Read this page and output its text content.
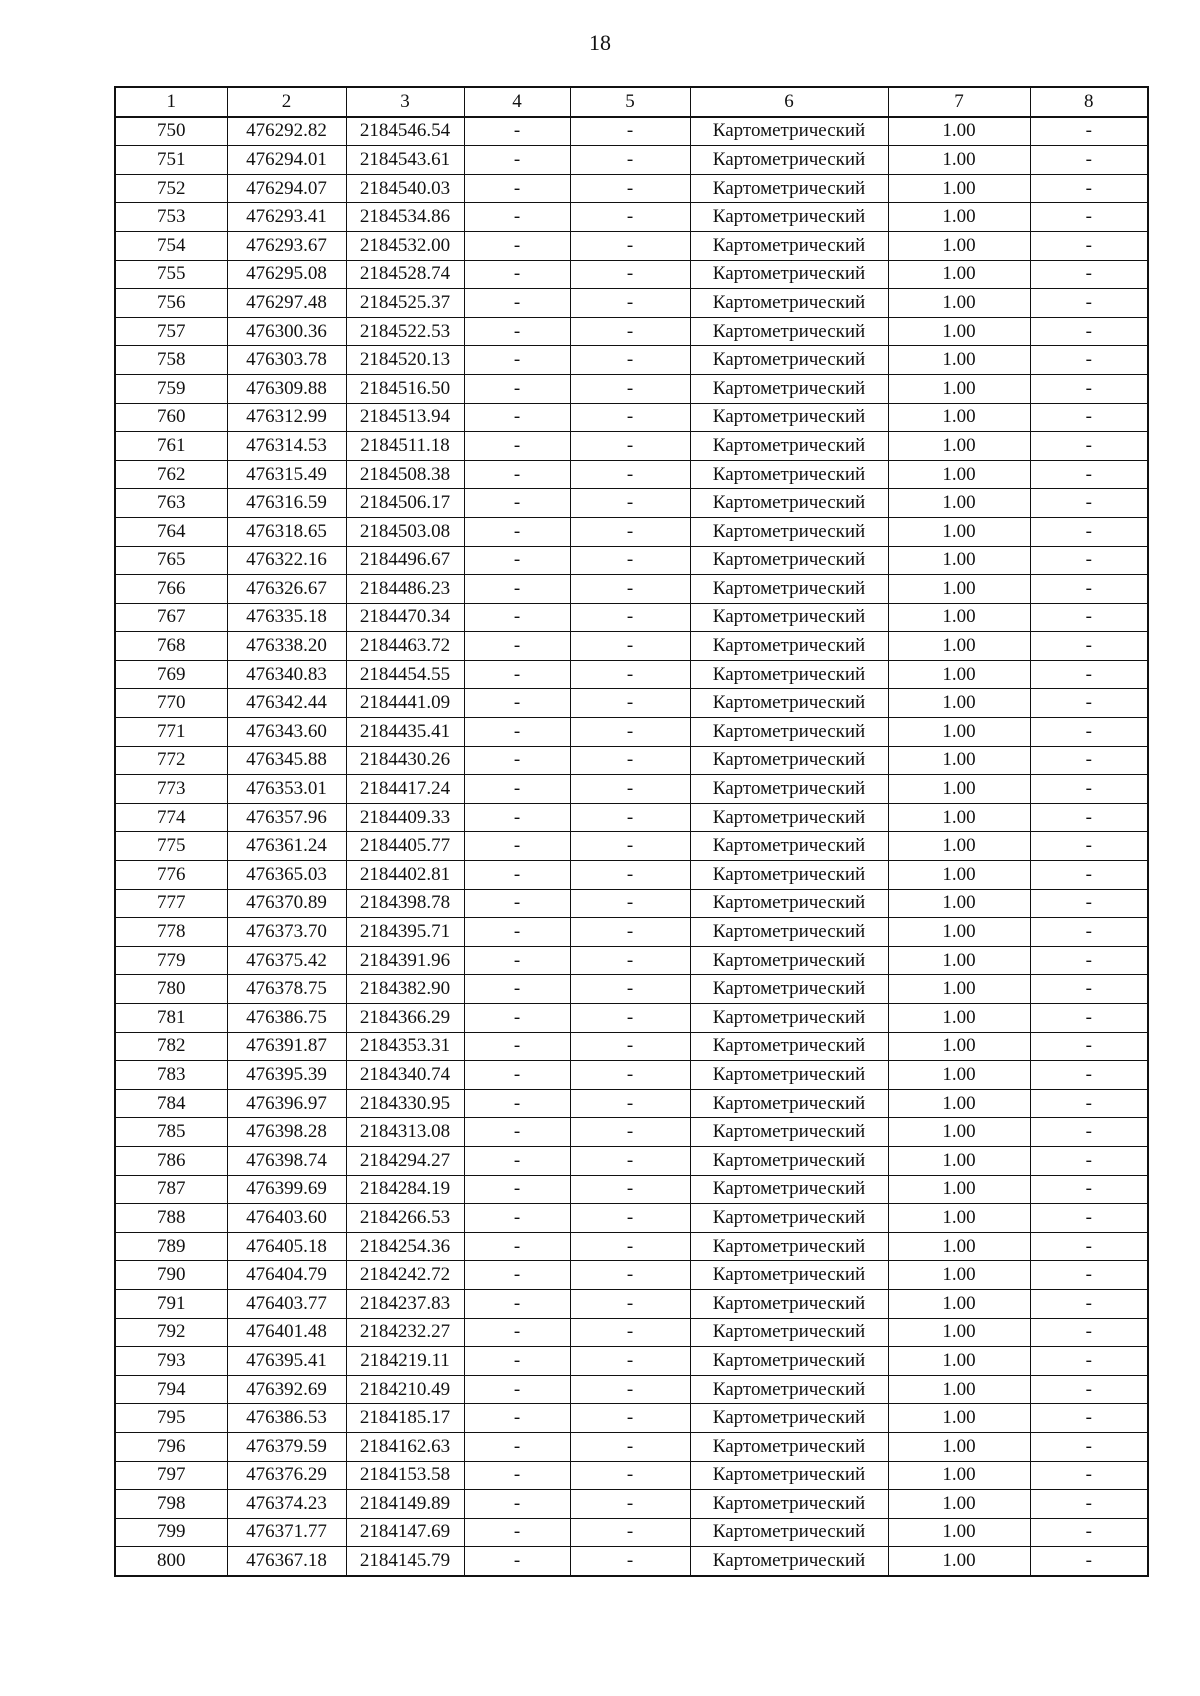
18
1	2	3	4	5	6	7	8
750	476292.82	2184546.54	-	-	Картометрический	1.00	-
751	476294.01	2184543.61	-	-	Картометрический	1.00	-
752	476294.07	2184540.03	-	-	Картометрический	1.00	-
753	476293.41	2184534.86	-	-	Картометрический	1.00	-
754	476293.67	2184532.00	-	-	Картометрический	1.00	-
755	476295.08	2184528.74	-	-	Картометрический	1.00	-
756	476297.48	2184525.37	-	-	Картометрический	1.00	-
757	476300.36	2184522.53	-	-	Картометрический	1.00	-
758	476303.78	2184520.13	-	-	Картометрический	1.00	-
759	476309.88	2184516.50	-	-	Картометрический	1.00	-
760	476312.99	2184513.94	-	-	Картометрический	1.00	-
761	476314.53	2184511.18	-	-	Картометрический	1.00	-
762	476315.49	2184508.38	-	-	Картометрический	1.00	-
763	476316.59	2184506.17	-	-	Картометрический	1.00	-
764	476318.65	2184503.08	-	-	Картометрический	1.00	-
765	476322.16	2184496.67	-	-	Картометрический	1.00	-
766	476326.67	2184486.23	-	-	Картометрический	1.00	-
767	476335.18	2184470.34	-	-	Картометрический	1.00	-
768	476338.20	2184463.72	-	-	Картометрический	1.00	-
769	476340.83	2184454.55	-	-	Картометрический	1.00	-
770	476342.44	2184441.09	-	-	Картометрический	1.00	-
771	476343.60	2184435.41	-	-	Картометрический	1.00	-
772	476345.88	2184430.26	-	-	Картометрический	1.00	-
773	476353.01	2184417.24	-	-	Картометрический	1.00	-
774	476357.96	2184409.33	-	-	Картометрический	1.00	-
775	476361.24	2184405.77	-	-	Картометрический	1.00	-
776	476365.03	2184402.81	-	-	Картометрический	1.00	-
777	476370.89	2184398.78	-	-	Картометрический	1.00	-
778	476373.70	2184395.71	-	-	Картометрический	1.00	-
779	476375.42	2184391.96	-	-	Картометрический	1.00	-
780	476378.75	2184382.90	-	-	Картометрический	1.00	-
781	476386.75	2184366.29	-	-	Картометрический	1.00	-
782	476391.87	2184353.31	-	-	Картометрический	1.00	-
783	476395.39	2184340.74	-	-	Картометрический	1.00	-
784	476396.97	2184330.95	-	-	Картометрический	1.00	-
785	476398.28	2184313.08	-	-	Картометрический	1.00	-
786	476398.74	2184294.27	-	-	Картометрический	1.00	-
787	476399.69	2184284.19	-	-	Картометрический	1.00	-
788	476403.60	2184266.53	-	-	Картометрический	1.00	-
789	476405.18	2184254.36	-	-	Картометрический	1.00	-
790	476404.79	2184242.72	-	-	Картометрический	1.00	-
791	476403.77	2184237.83	-	-	Картометрический	1.00	-
792	476401.48	2184232.27	-	-	Картометрический	1.00	-
793	476395.41	2184219.11	-	-	Картометрический	1.00	-
794	476392.69	2184210.49	-	-	Картометрический	1.00	-
795	476386.53	2184185.17	-	-	Картометрический	1.00	-
796	476379.59	2184162.63	-	-	Картометрический	1.00	-
797	476376.29	2184153.58	-	-	Картометрический	1.00	-
798	476374.23	2184149.89	-	-	Картометрический	1.00	-
799	476371.77	2184147.69	-	-	Картометрический	1.00	-
800	476367.18	2184145.79	-	-	Картометрический	1.00	-
